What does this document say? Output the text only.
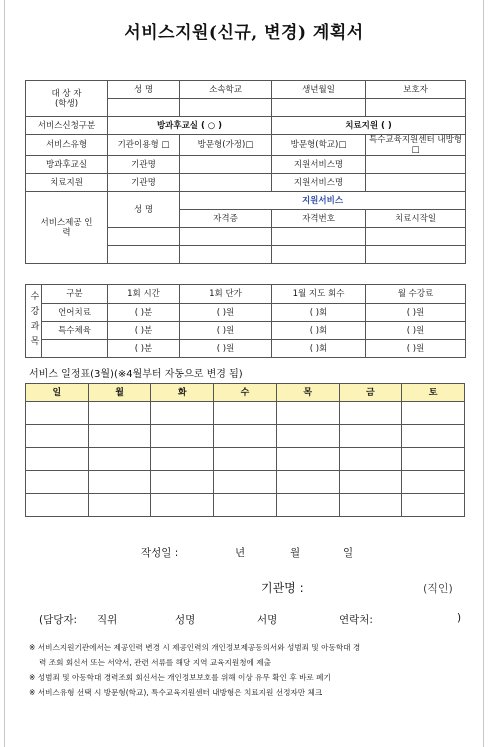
서비스지원(신규, 변경) 계획서
대 상 자
(학생)	성 명	소속학교	생년월일	보호자

서비스신청구분	방과후교실 ( ○ )		치료지원 ( )	
서비스유형	기관이용형 □	방문형(가정)□	방문형(학교)□	특수교육지원센터 내방형 □
방과후교실	기관명		지원서비스명	
치료지원	기관명		지원서비스명	
서비스제공 인력	성 명	지원서비스		
		자격증	자격번호	치료시작일

수강과목	구분	1회 시간	1회 단가	1월 지도 회수	월 수강료
	언어치료	( )분	( )원	( )회	( )원
	특수체육	( )분	( )원	( )회	( )원
		( )분	( )원	( )회	( )원
서비스 일정표(3월)(※4월부터 자동으로 변경 됨)
일	월	화	수	목	금	토

작성일 :	년	월	일
기관명 :	(직인)
(담당자: 직위	성명	서명	연락처:	)
※ 서비스지원기관에서는 제공인력 변경 시 제공인력의 개인정보제공동의서와 성범죄 및 아동학대 경
력 조회 회신서 또는 서약서, 관련 서류를 해당 지역 교육지원청에 제출
※ 성범죄 및 아동학대 경력조회 회신서는 개인정보보호를 위해 이상 유무 확인 후 바로 폐기
※ 서비스유형 선택 시 방문형(학교), 특수교육지원센터 내방형은 치료지원 선정자만 체크
